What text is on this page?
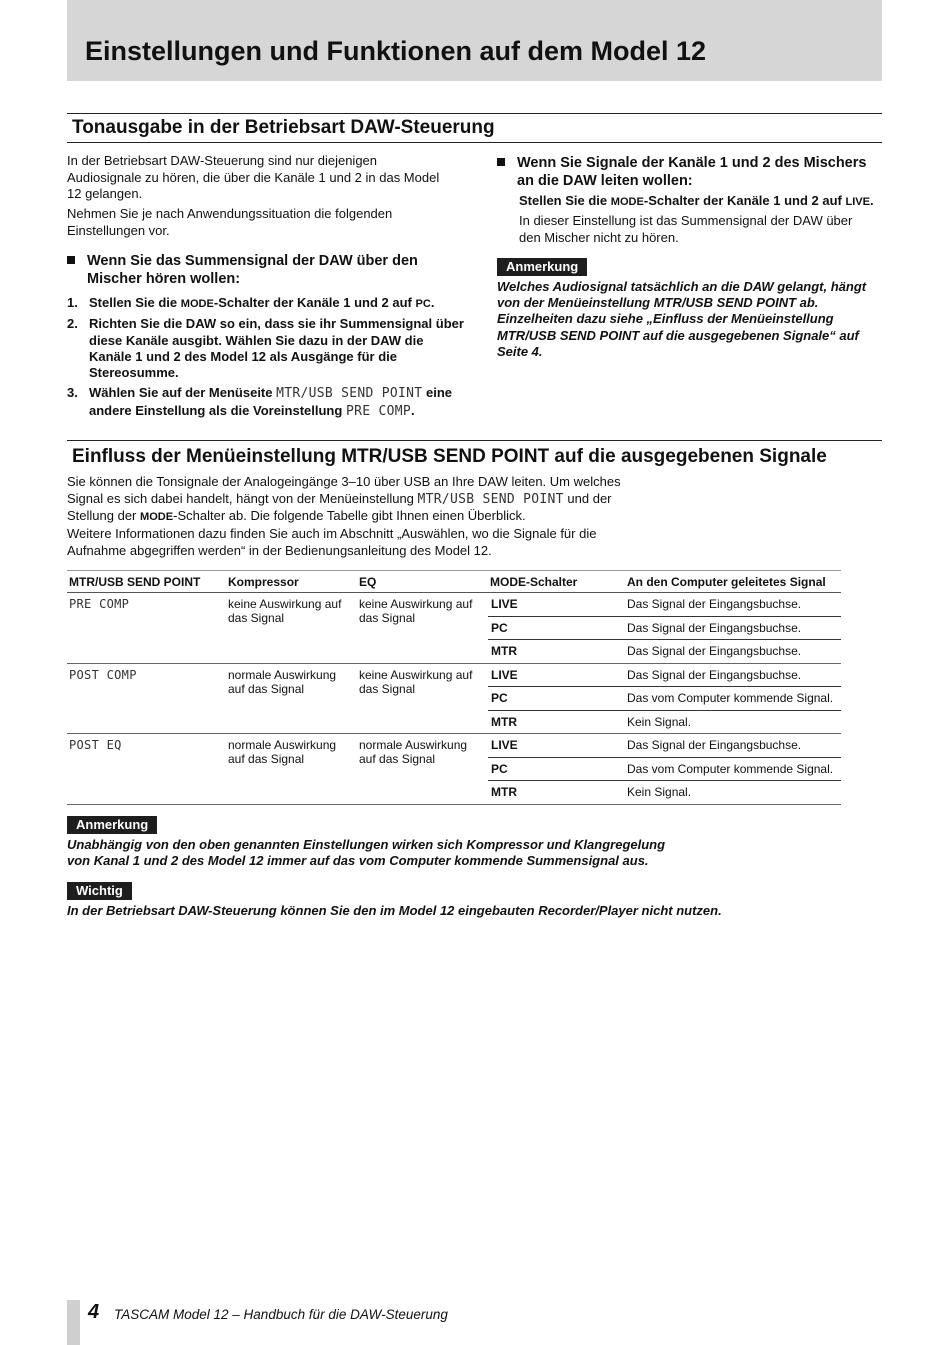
Einstellungen und Funktionen auf dem Model 12
Tonausgabe in der Betriebsart DAW-Steuerung

In der Betriebsart DAW-Steuerung sind nur diejenigen Audiosignale zu hören, die über die Kanäle 1 und 2 in das Model 12 gelangen.

Nehmen Sie je nach Anwendungssituation die folgenden Einstellungen vor.

Wenn Sie das Summensignal der DAW über den Mischer hören wollen:
1. Stellen Sie die MODE-Schalter der Kanäle 1 und 2 auf PC.
2. Richten Sie die DAW so ein, dass sie ihr Summensignal über diese Kanäle ausgibt. Wählen Sie dazu in der DAW die Kanäle 1 und 2 des Model 12 als Ausgänge für die Stereosumme.
3. Wählen Sie auf der Menüseite MTR/USB SEND POINT eine andere Einstellung als die Voreinstellung PRE COMP.
Wenn Sie Signale der Kanäle 1 und 2 des Mischers an die DAW leiten wollen:

Stellen Sie die MODE-Schalter der Kanäle 1 und 2 auf LIVE.

In dieser Einstellung ist das Summensignal der DAW über den Mischer nicht zu hören.

Anmerkung

Welches Audiosignal tatsächlich an die DAW gelangt, hängt von der Menüeinstellung MTR/USB SEND POINT ab. Einzelheiten dazu siehe „Einfluss der Menüeinstellung MTR/USB SEND POINT auf die ausgegebenen Signale“ auf Seite 4.

Einfluss der Menüeinstellung MTR/USB SEND POINT auf die ausgegebenen Signale

Sie können die Tonsignale der Analogeingänge 3–10 über USB an Ihre DAW leiten. Um welches Signal es sich dabei handelt, hängt von der Menüeinstellung MTR/USB SEND POINT und der Stellung der MODE-Schalter ab. Die folgende Tabelle gibt Ihnen einen Überblick.

Weitere Informationen dazu finden Sie auch im Abschnitt „Auswählen, wo die Signale für die Aufnahme abgegriffen werden“ in der Bedienungsanleitung des Model 12.

MTR/USB SEND POINT	Kompressor	EQ	MODE-Schalter	An den Computer geleitetes Signal
PRE COMP	keine Auswirkung auf das Signal	keine Auswirkung auf das Signal	LIVE	Das Signal der Eingangsbuchse.
			PC	Das Signal der Eingangsbuchse.
			MTR	Das Signal der Eingangsbuchse.
POST COMP	normale Auswirkung auf das Signal	keine Auswirkung auf das Signal	LIVE	Das Signal der Eingangsbuchse.
			PC	Das vom Computer kommende Signal.
			MTR	Kein Signal.
POST EQ	normale Auswirkung auf das Signal	normale Auswirkung auf das Signal	LIVE	Das Signal der Eingangsbuchse.
			PC	Das vom Computer kommende Signal.
			MTR	Kein Signal.
Anmerkung

Unabhängig von den oben genannten Einstellungen wirken sich Kompressor und Klangregelung von Kanal 1 und 2 des Model 12 immer auf das vom Computer kommende Summensignal aus.

Wichtig

In der Betriebsart DAW-Steuerung können Sie den im Model 12 eingebauten Recorder/Player nicht nutzen.

4 TASCAM Model 12 – Handbuch für die DAW-Steuerung
